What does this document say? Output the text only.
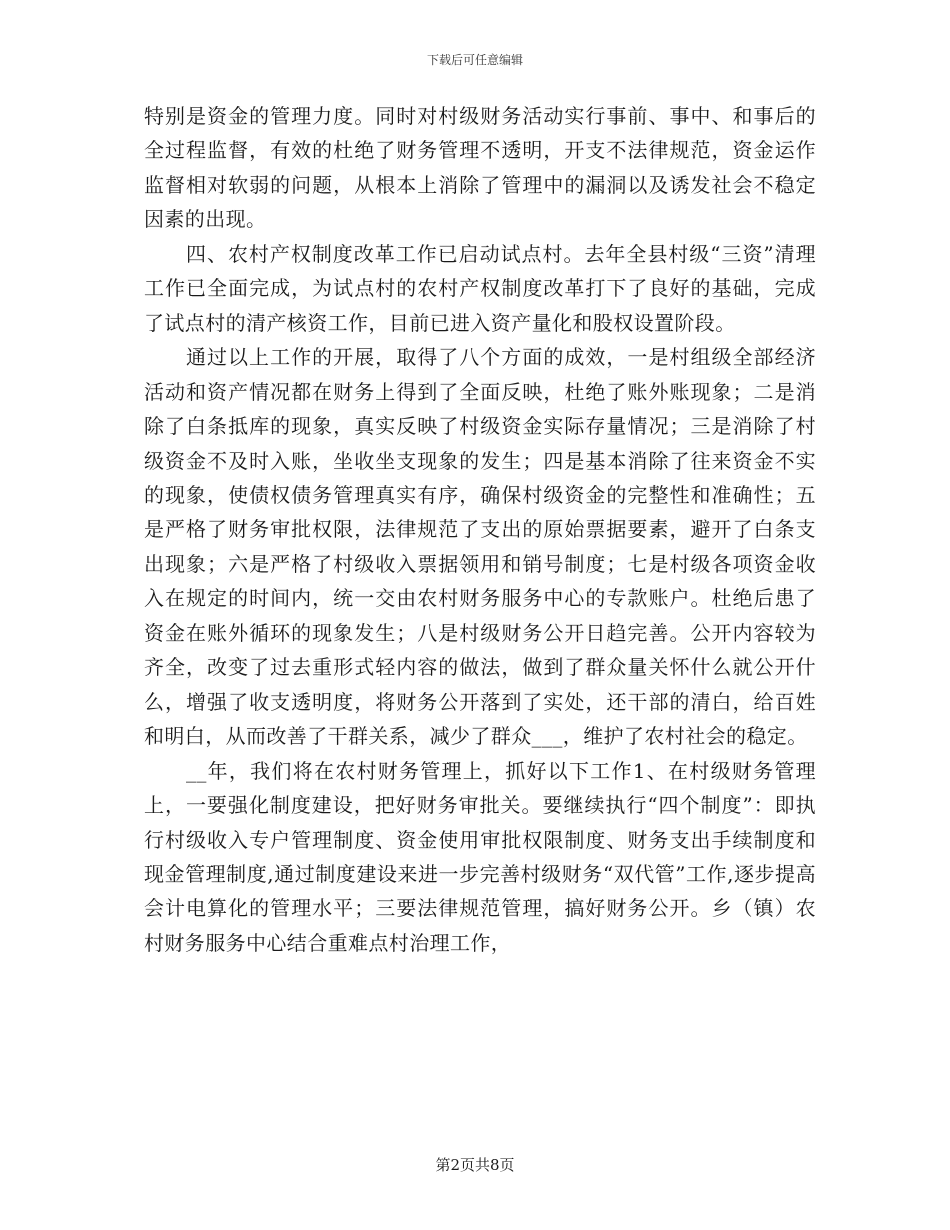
下载后可任意编辑

特别是资金的管理力度。同时对村级财务活动实行事前、事中、和事后的全过程监督，有效的杜绝了财务管理不透明，开支不法律规范，资金运作监督相对软弱的问题，从根本上消除了管理中的漏洞以及诱发社会不稳定因素的出现。

四、农村产权制度改革工作已启动试点村。去年全县村级“三资”清理工作已全面完成，为试点村的农村产权制度改革打下了良好的基础，完成了试点村的清产核资工作，目前已进入资产量化和股权设置阶段。

通过以上工作的开展，取得了八个方面的成效，一是村组级全部经济活动和资产情况都在财务上得到了全面反映，杜绝了账外账现象；二是消除了白条抵库的现象，真实反映了村级资金实际存量情况；三是消除了村级资金不及时入账，坐收坐支现象的发生；四是基本消除了往来资金不实的现象，使债权债务管理真实有序，确保村级资金的完整性和准确性；五是严格了财务审批权限，法律规范了支出的原始票据要素，避开了白条支出现象；六是严格了村级收入票据领用和销号制度；七是村级各项资金收入在规定的时间内，统一交由农村财务服务中心的专款账户。杜绝后患了资金在账外循环的现象发生；八是村级财务公开日趋完善。公开内容较为齐全，改变了过去重形式轻内容的做法，做到了群众量关怀什么就公开什么，增强了收支透明度，将财务公开落到了实处，还干部的清白，给百姓和明白，从而改善了干群关系，减少了群众___，维护了农村社会的稳定。

__年，我们将在农村财务管理上，抓好以下工作1、在村级财务管理上，一要强化制度建设，把好财务审批关。要继续执行“四个制度”：即执行村级收入专户管理制度、资金使用审批权限制度、财务支出手续制度和现金管理制度,通过制度建设来进一步完善村级财务“双代管”工作,逐步提高会计电算化的管理水平；三要法律规范管理，搞好财务公开。乡（镇）农村财务服务中心结合重难点村治理工作，

第2页共8页
